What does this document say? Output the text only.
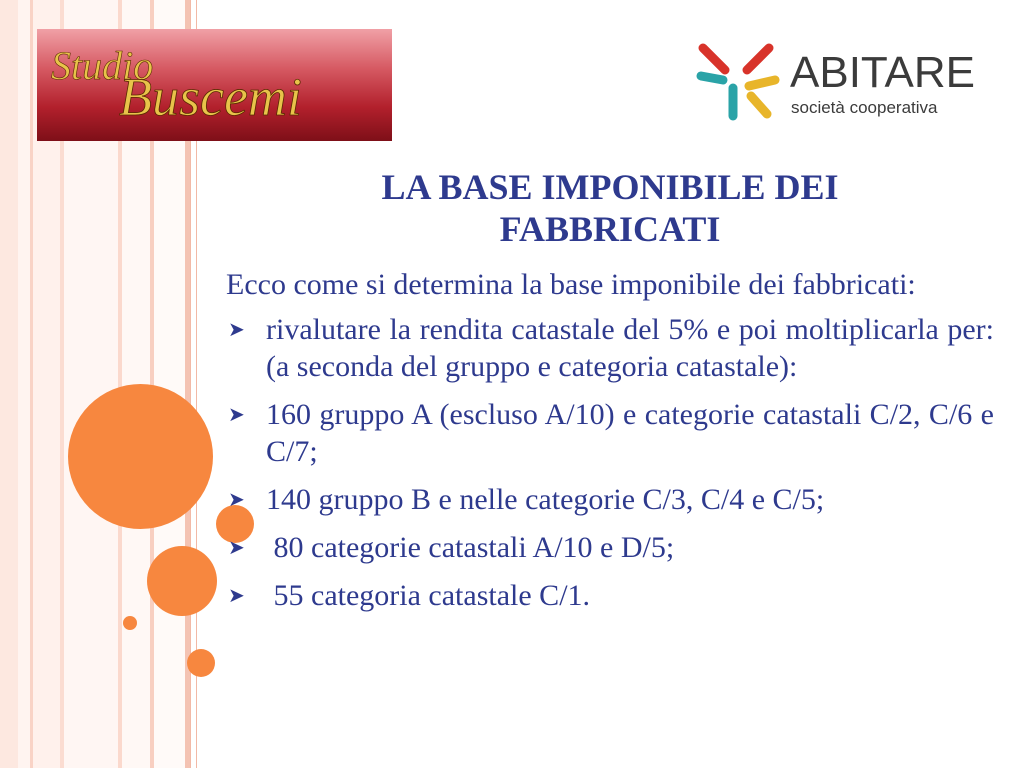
Studio
Buscemi	ABITARE
società cooperativa
LA BASE IMPONIBILE DEI
FABBRICATI
Ecco come si determina la base imponibile dei fabbricati:
➤ rivalutare la rendita catastale del 5% e poi moltiplicarla per: (a seconda del gruppo e categoria catastale):
➤ 160 gruppo A (escluso A/10) e categorie catastali C/2, C/6 e C/7;
➤ 140 gruppo B e nelle categorie C/3, C/4 e C/5;
➤ 80 categorie catastali A/10 e D/5;
➤ 55 categoria catastale C/1.
